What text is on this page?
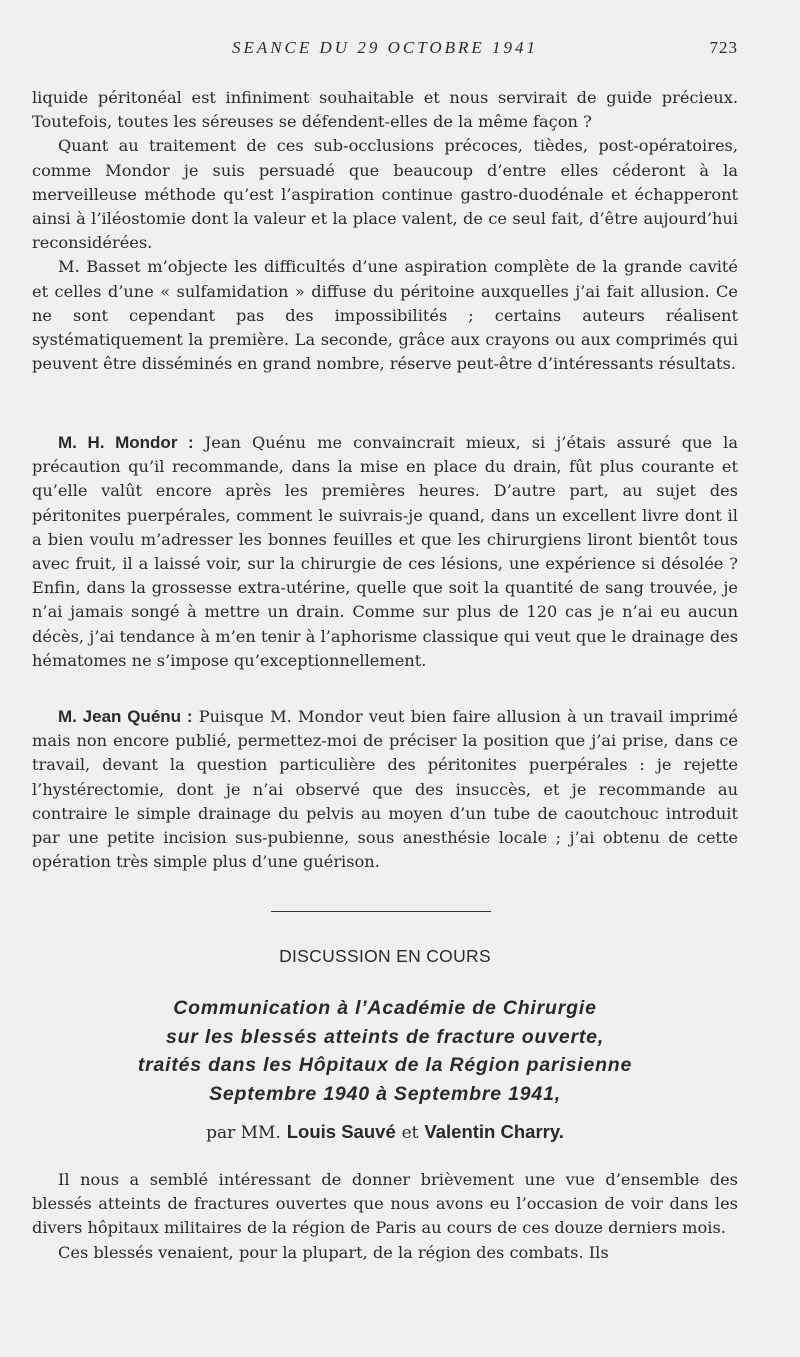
SEANCE DU 29 OCTOBRE 1941	723

liquide péritonéal est infiniment souhaitable et nous servirait de guide précieux. Toutefois, toutes les séreuses se défendent-elles de la même façon ?

Quant au traitement de ces sub-occlusions précoces, tièdes, post-opératoires, comme Mondor je suis persuadé que beaucoup d’entre elles céderont à la merveilleuse méthode qu’est l’aspiration continue gastro-duodénale et échapperont ainsi à l’iléostomie dont la valeur et la place valent, de ce seul fait, d’être aujourd’hui reconsidérées.

M. Basset m’objecte les difficultés d’une aspiration complète de la grande cavité et celles d’une « sulfamidation » diffuse du péritoine auxquelles j’ai fait allusion. Ce ne sont cependant pas des impossibilités ; certains auteurs réalisent systématiquement la première. La seconde, grâce aux crayons ou aux comprimés qui peuvent être disséminés en grand nombre, réserve peut-être d’intéressants résultats.

M. H. Mondor : Jean Quénu me convaincrait mieux, si j’étais assuré que la précaution qu’il recommande, dans la mise en place du drain, fût plus courante et qu’elle valût encore après les premières heures. D’autre part, au sujet des péritonites puerpérales, comment le suivrais-je quand, dans un excellent livre dont il a bien voulu m’adresser les bonnes feuilles et que les chirurgiens liront bientôt tous avec fruit, il a laissé voir, sur la chirurgie de ces lésions, une expérience si désolée ? Enfin, dans la grossesse extra-utérine, quelle que soit la quantité de sang trouvée, je n’ai jamais songé à mettre un drain. Comme sur plus de 120 cas je n’ai eu aucun décès, j’ai tendance à m’en tenir à l’aphorisme classique qui veut que le drainage des hématomes ne s’impose qu’exceptionnellement.

M. Jean Quénu : Puisque M. Mondor veut bien faire allusion à un travail imprimé mais non encore publié, permettez-moi de préciser la position que j’ai prise, dans ce travail, devant la question particulière des péritonites puerpérales : je rejette l’hystérectomie, dont je n’ai observé que des insuccès, et je recommande au contraire le simple drainage du pelvis au moyen d’un tube de caoutchouc introduit par une petite incision sus-pubienne, sous anesthésie locale ; j’ai obtenu de cette opération très simple plus d’une guérison.

DISCUSSION EN COURS
Communication à l’Académie de Chirurgie
sur les blessés atteints de fracture ouverte,
traités dans les Hôpitaux de la Région parisienne
Septembre 1940 à Septembre 1941,
par MM. Louis Sauvé et Valentin Charry.

Il nous a semblé intéressant de donner brièvement une vue d’ensemble des blessés atteints de fractures ouvertes que nous avons eu l’occasion de voir dans les divers hôpitaux militaires de la région de Paris au cours de ces douze derniers mois.

Ces blessés venaient, pour la plupart, de la région des combats. Ils
